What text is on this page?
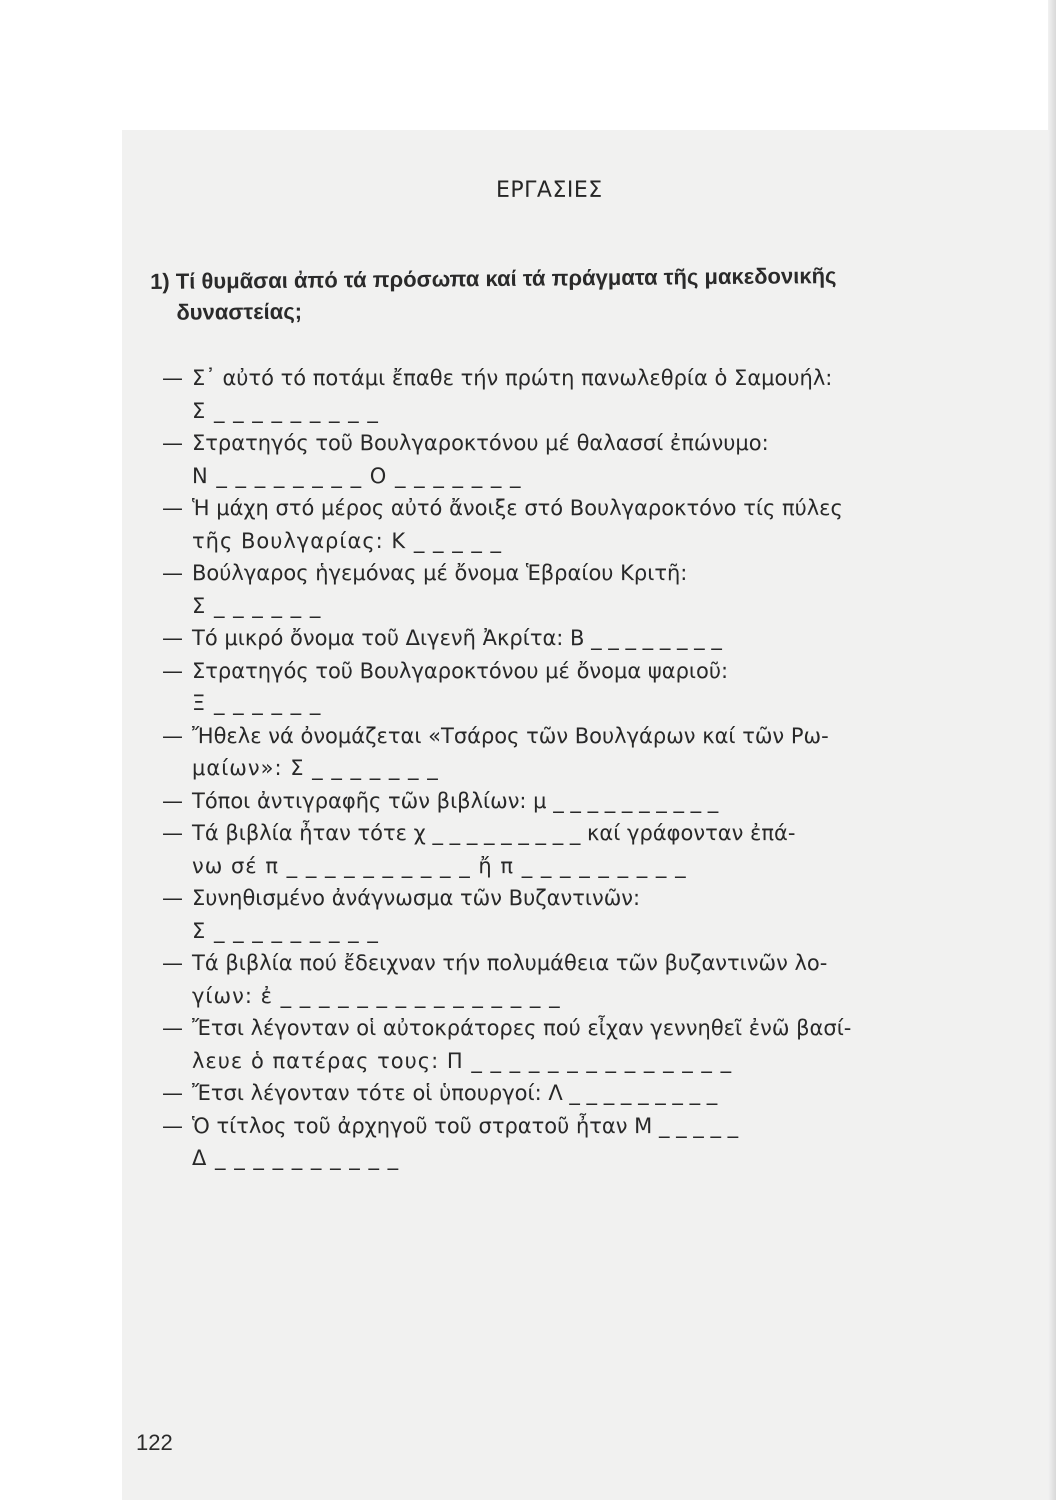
ΕΡΓΑΣΙΕΣ
1) Τί θυμᾶσαι ἀπό τά πρόσωπα καί τά πράγματα τῆς μακεδονικῆς
δυναστείας;
— Σ᾽ αὐτό τό ποτάμι ἔπαθε τήν πρώτη πανωλεθρία ὁ Σαμουήλ:
Σ _ _ _ _ _ _ _ _ _
— Στρατηγός τοῦ Βουλγαροκτόνου μέ θαλασσί ἐπώνυμο:
Ν _ _ _ _ _ _ _ _ Ο _ _ _ _ _ _ _
— Ἡ μάχη στό μέρος αὐτό ἄνοιξε στό Βουλγαροκτόνο τίς πύλες
τῆς Βουλγαρίας: Κ _ _ _ _ _
— Βούλγαρος ἡγεμόνας μέ ὄνομα Ἑβραίου Κριτῆ:
Σ _ _ _ _ _ _
— Τό μικρό ὄνομα τοῦ Διγενῆ Ἀκρίτα: Β _ _ _ _ _ _ _ _
— Στρατηγός τοῦ Βουλγαροκτόνου μέ ὄνομα ψαριοῦ:
Ξ _ _ _ _ _ _
— Ἤθελε νά ὀνομάζεται «Τσάρος τῶν Βουλγάρων καί τῶν Ρω-
μαίων»: Σ _ _ _ _ _ _ _
— Τόποι ἀντιγραφῆς τῶν βιβλίων: μ _ _ _ _ _ _ _ _ _ _
— Τά βιβλία ἦταν τότε χ _ _ _ _ _ _ _ _ _ καί γράφονταν ἐπά-
νω σέ π _ _ _ _ _ _ _ _ _ _ ἤ π _ _ _ _ _ _ _ _ _
— Συνηθισμένο ἀνάγνωσμα τῶν Βυζαντινῶν:
Σ _ _ _ _ _ _ _ _ _
— Τά βιβλία πού ἔδειχναν τήν πολυμάθεια τῶν βυζαντινῶν λο-
γίων: ἐ _ _ _ _ _ _ _ _ _ _ _ _ _ _ _
— Ἔτσι λέγονταν οἱ αὐτοκράτορες πού εἶχαν γεννηθεῖ ἐνῶ βασί-
λευε ὁ πατέρας τους: Π _ _ _ _ _ _ _ _ _ _ _ _ _ _
— Ἔτσι λέγονταν τότε οἱ ὑπουργοί: Λ _ _ _ _ _ _ _ _ _
— Ὁ τίτλος τοῦ ἀρχηγοῦ τοῦ στρατοῦ ἦταν Μ _ _ _ _ _
Δ _ _ _ _ _ _ _ _ _ _
122
